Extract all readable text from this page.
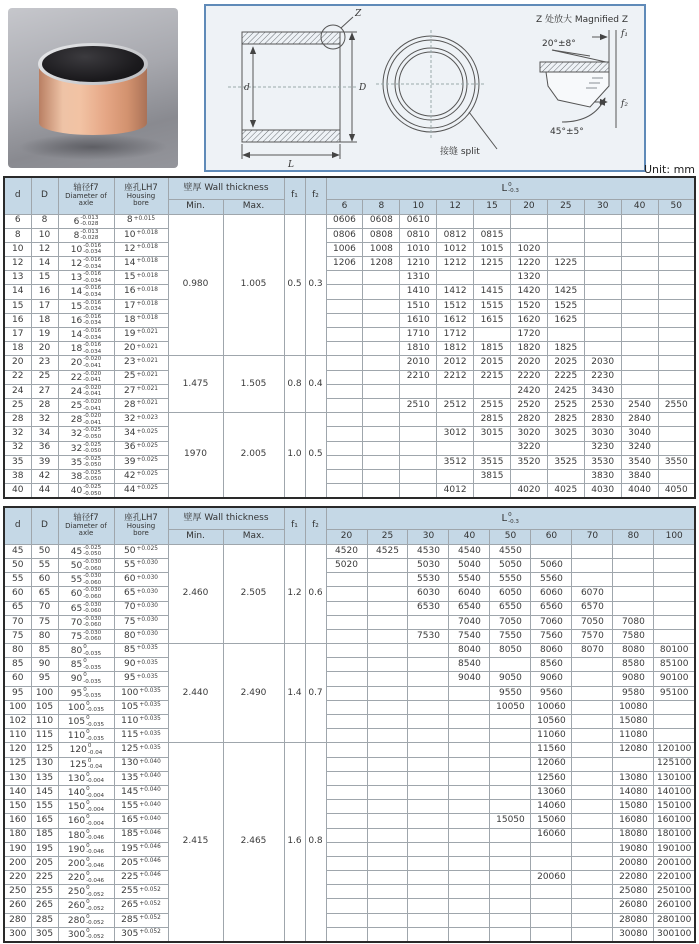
d	D
L
Z
接缝 split
Z 处放大 Magnified Z
20°±8°
45°±5°
f₁
f₂
Unit: mm
d	D	
轴径f7
Diameter of
axle

座孔LH7
Housing
bore
	壁厚 Wall thickness	f₁	f₂	L 0
-0.3

				Min.	Max.			6	8	10	12	15	20	25	30	40	50
6	8	6 -0.013
-0.028	$8^{+0.015}$	0.980	1.005	0.5	0.3	0606	0608	0610							
8	10	8 -0.013
-0.028	$10^{+0.018}$					0806	0808	0810	0812	0815					
10	12	10 -0.016
-0.034	$12^{+0.018}$					1006	1008	1010	1012	1015	1020				
12	14	12 -0.016
-0.034	$14^{+0.018}$					1206	1208	1210	1212	1215	1220	1225			
13	15	13 -0.016
-0.034	$15^{+0.018}$							1310			1320				
14	16	14 -0.016
-0.034	$16^{+0.018}$							1410	1412	1415	1420	1425			
15	17	15 -0.016
-0.034	$17^{+0.018}$							1510	1512	1515	1520	1525			
16	18	16 -0.016
-0.034	$18^{+0.018}$							1610	1612	1615	1620	1625			
17	19	14 -0.016
-0.034	$19^{+0.021}$							1710	1712		1720				
18	20	18 -0.016
-0.034	$20^{+0.021}$							1810	1812	1815	1820	1825			
20	23	20 -0.020
-0.041	$23^{+0.021}$	1.475	1.505	0.8	0.4			2010	2012	2015	2020	2025	2030		
22	25	22 -0.020
-0.041	$25^{+0.021}$							2210	2212	2215	2220	2225	2230		
24	27	24 -0.020
-0.041	$27^{+0.021}$										2420	2425	3430		
25	28	25 -0.020
-0.041	$28^{+0.021}$							2510	2512	2515	2520	2525	2530	2540	2550
28	32	28 -0.020
-0.041	$32^{+0.023}$	1970	2.005	1.0	0.5					2815	2820	2825	2830	2840	
32	34	32 -0.025
-0.050	$34^{+0.025}$								3012	3015	3020	3025	3030	3040	
32	36	32 -0.025
-0.050	$36^{+0.025}$										3220		3230	3240	
35	39	35 -0.025
-0.050	$39^{+0.025}$								3512	3515	3520	3525	3530	3540	3550
38	42	38 -0.025
-0.050	$42^{+0.025}$									3815			3830	3840	
40	44	40 -0.025
-0.050	$44^{+0.025}$								4012		4020	4025	4030	4040	4050
d	D	
轴径f7
Diameter of
axle

座孔LH7
Housing
bore
	壁厚 Wall thickness	f₁	f₂	L 0
-0.3

				Min.	Max.			20	25	30	40	50	60	70	80	100
45	50	45 -0.025
-0.050	$50^{+0.025}$	2.460	2.505	1.2	0.6	4520	4525	4530	4540	4550				
50	55	50 -0.030
-0.060	$55^{+0.030}$					5020		5030	5040	5050	5060			
55	60	55 -0.030
-0.060	$60^{+0.030}$							5530	5540	5550	5560			
60	65	60 -0.030
-0.060	$65^{+0.030}$							6030	6040	6050	6060	6070		
65	70	65 -0.030
-0.060	$70^{+0.030}$							6530	6540	6550	6560	6570		
70	75	70 -0.030
-0.060	$75^{+0.030}$								7040	7050	7060	7050	7080	
75	80	75 -0.030
-0.060	$80^{+0.030}$							7530	7540	7550	7560	7570	7580	
80	85	80 0
-0.035	$85^{+0.035}$	2.440	2.490	1.4	0.7				8040	8050	8060	8070	8080	80100
85	90	85 0
-0.035	$90^{+0.035}$								8540		8560		8580	85100
60	95	90 0
-0.035	$95^{+0.035}$								9040	9050	9060		9080	90100
95	100	95 0
-0.035	$100^{+0.035}$									9550	9560		9580	95100
100	105	100 0
-0.035	$105^{+0.035}$									10050	10060		10080	
102	110	105 0
-0.035	$110^{+0.035}$										10560		15080	
110	115	110 0
-0.035	$115^{+0.035}$										11060		11080	
120	125	120 0
-0.04	$125^{+0.035}$	2.415	2.465	1.6	0.8						11560		12080	120100
125	130	125 0
-0.04	$130^{+0.040}$										12060			125100
130	135	130 0
-0.004	$135^{+0.040}$										12560		13080	130100
140	145	140 0
-0.004	$145^{+0.040}$										13060		14080	140100
150	155	150 0
-0.004	$155^{+0.040}$										14060		15080	150100
160	165	160 0
-0.004	$165^{+0.040}$									15050	15060		16080	160100
180	185	180 0
-0.046	$185^{+0.046}$										16060		18080	180100
190	195	190 0
-0.046	$195^{+0.046}$												19080	190100
200	205	200 0
-0.046	$205^{+0.046}$												20080	200100
220	225	220 0
-0.046	$225^{+0.046}$										20060		22080	220100
250	255	250 0
-0.052	$255^{+0.052}$												25080	250100
260	265	260 0
-0.052	$265^{+0.052}$												26080	260100
280	285	280 0
-0.052	$285^{+0.052}$												28080	280100
300	305	300 0
-0.052	$305^{+0.052}$												30080	300100
